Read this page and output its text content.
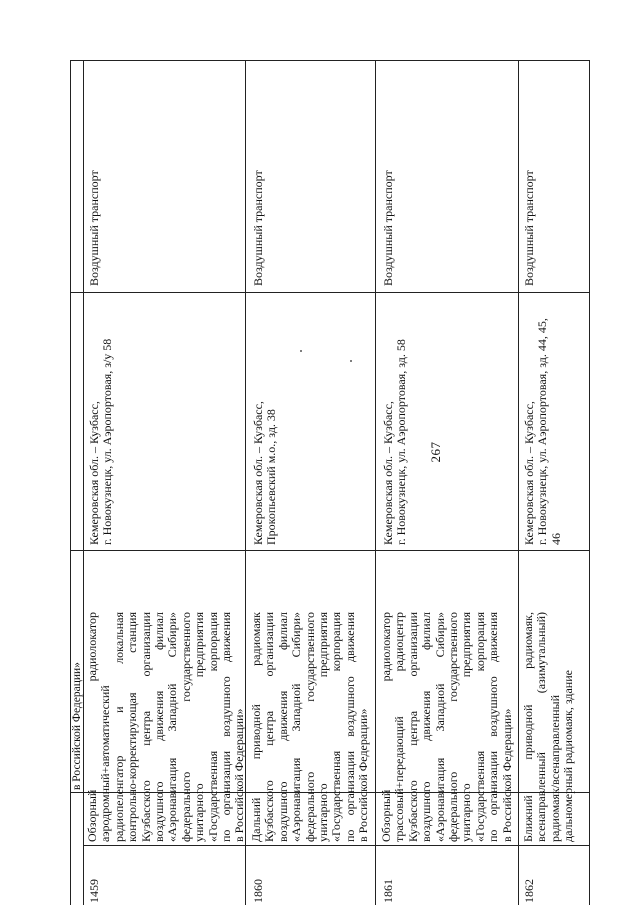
267
в Российской Федерации»
1459
Обзорный радиолокатор аэродромный+автоматический радиопеленгатор и локальная контрольно-корректирующая станция Кузбасского центра организации воздушного движения филиал «Аэронавигация Западной Сибири» федерального государственного унитарного предприятия «Государственная корпорация по организации воздушного движения в Российской Федерации»
Кемеровская обл. – Кузбасс, г. Новокузнецк, ул. Аэропортовая, з/у 58
Воздушный транспорт
1860
Дальний приводной радиомаяк Кузбасского центра организации воздушного движения филиал «Аэронавигация Западной Сибири» федерального государственного унитарного предприятия «Государственная корпорация по организации воздушного движения в Российской Федерации»
Кемеровская обл. – Кузбасс, Прокопьевский м.о., зд. 38
Воздушный транспорт
1861
Обзорный радиолокатор трассовый+передающий радиоцентр Кузбасского центра организации воздушного движения филиал «Аэронавигация Западной Сибири» федерального государственного унитарного предприятия «Государственная корпорация по организации воздушного движения в Российской Федерации»
Кемеровская обл. – Кузбасс, г. Новокузнецк, ул. Аэропортовая, зд. 58
Воздушный транспорт
1862
Ближний приводной радиомаяк, всенаправленный (азимутальный) радиомаяк/всенаправленный дальномерный радиомаяк, здание
Кемеровская обл. – Кузбасс, г. Новокузнецк, ул. Аэропортовая, зд. 44, 45, 46
Воздушный транспорт
